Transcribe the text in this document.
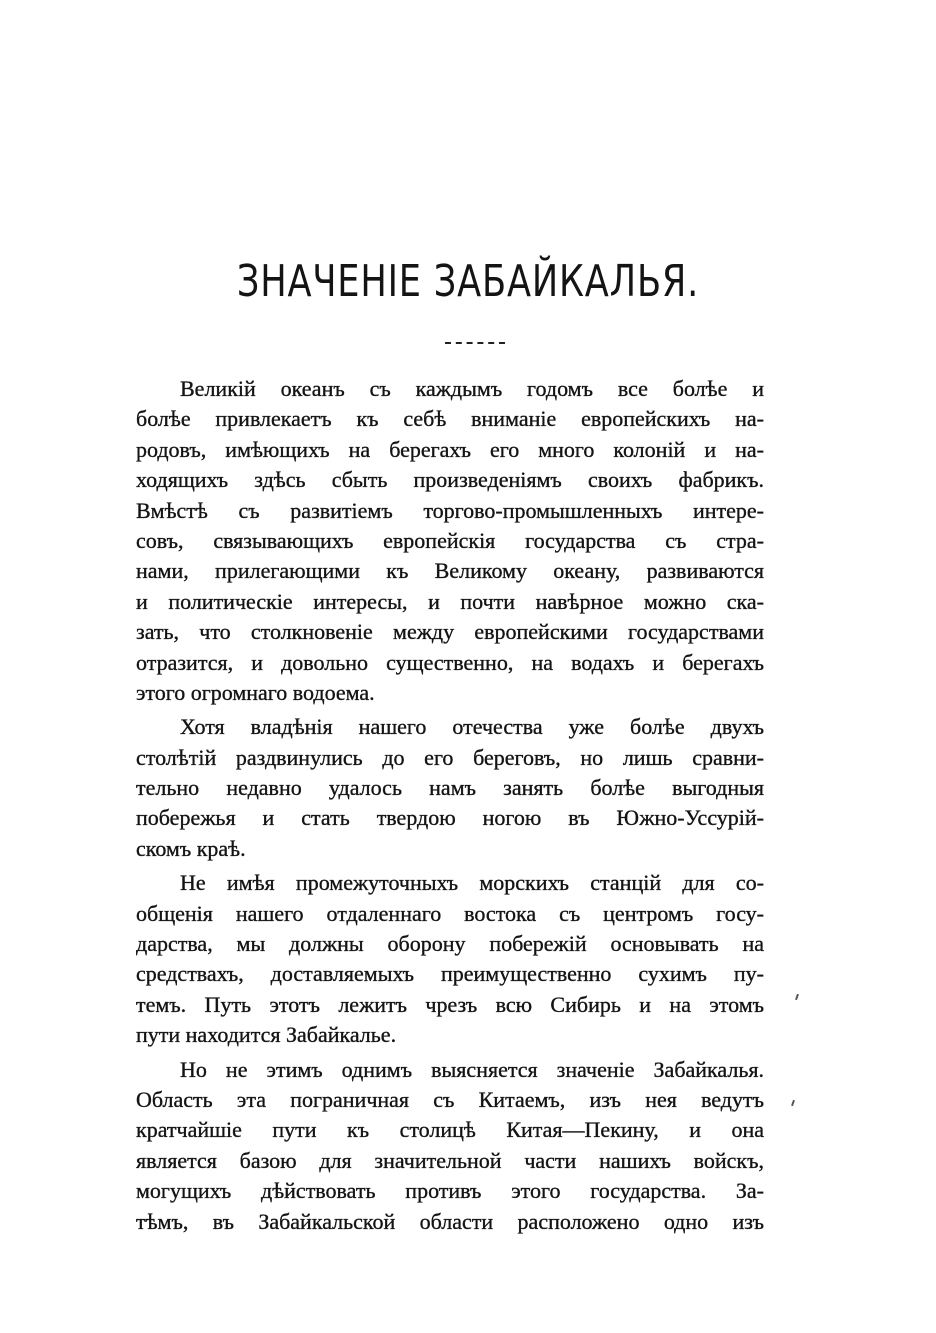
ЗНАЧЕНІЕ ЗАБАЙКАЛЬЯ.
Великій океанъ съ каждымъ годомъ все болѣе и
болѣе привлекаетъ къ себѣ вниманіе европейскихъ на-
родовъ, имѣющихъ на берегахъ его много колоній и на-
ходящихъ здѣсь сбыть произведеніямъ своихъ фабрикъ.
Вмѣстѣ съ развитіемъ торгово-промышленныхъ интере-
совъ, связывающихъ европейскія государства съ стра-
нами, прилегающими къ Великому океану, развиваются
и политическіе интересы, и почти навѣрное можно ска-
зать, что столкновеніе между европейскими государствами
отразится, и довольно существенно, на водахъ и берегахъ
этого огромнаго водоема.
Хотя владѣнія нашего отечества уже болѣе двухъ
столѣтій раздвинулись до его береговъ, но лишь сравни-
тельно недавно удалось намъ занять болѣе выгодныя
побережья и стать твердою ногою въ Южно-Уссурій-
скомъ краѣ.
Не имѣя промежуточныхъ морскихъ станцій для со-
общенія нашего отдаленнаго востока съ центромъ госу-
дарства, мы должны оборону побережій основывать на
средствахъ, доставляемыхъ преимущественно сухимъ пу-
темъ. Путь этотъ лежитъ чрезъ всю Сибирь и на этомъ
пути находится Забайкалье.
Но не этимъ однимъ выясняется значеніе Забайкалья.
Область эта пограничная съ Китаемъ, изъ нея ведутъ
кратчайшіе пути къ столицѣ Китая—Пекину, и она
является базою для значительной части нашихъ войскъ,
могущихъ дѣйствовать противъ этого государства. За-
тѣмъ, въ Забайкальской области расположено одно изъ
